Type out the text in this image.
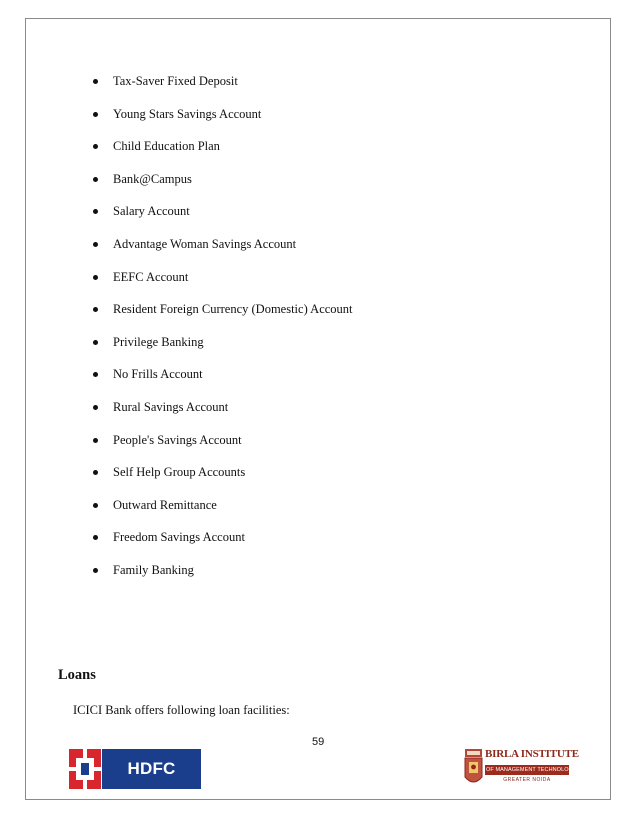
Tax-Saver Fixed Deposit
Young Stars Savings Account
Child Education Plan
Bank@Campus
Salary Account
Advantage Woman Savings Account
EEFC Account
Resident Foreign Currency (Domestic) Account
Privilege Banking
No Frills Account
Rural Savings Account
People's Savings Account
Self Help Group Accounts
Outward Remittance
Freedom Savings Account
Family Banking
Loans

ICICI Bank offers following loan facilities:

59
HDFC BANK
BIRLA INSTITUTE
OF MANAGEMENT TECHNOLOGY
GREATER NOIDA
